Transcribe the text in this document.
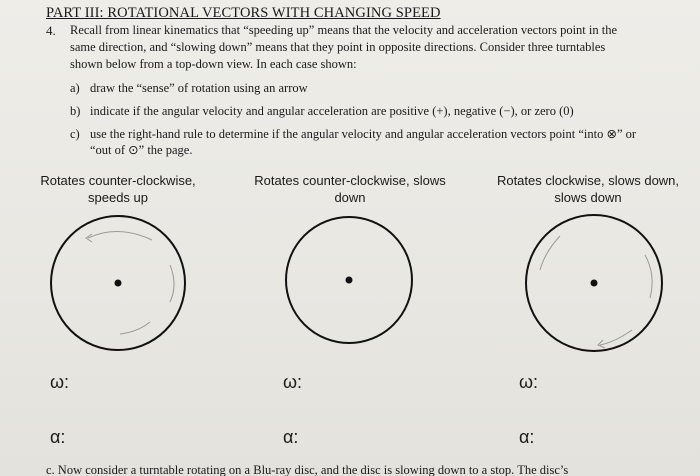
PART III: ROTATIONAL VECTORS WITH CHANGING SPEED
4. Recall from linear kinematics that “speeding up” means that the velocity and acceleration vectors point in the same direction, and “slowing down” means that they point in opposite directions. Consider three turntables shown below from a top-down view. In each case shown:
a) draw the “sense” of rotation using an arrow
b) indicate if the angular velocity and angular acceleration are positive (+), negative (−), or zero (0)
c) use the right-hand rule to determine if the angular velocity and angular acceleration vectors point “into ⊗” or “out of ⊙” the page.
Rotates counter-clockwise, speeds up
Rotates counter-clockwise, slows down
Rotates clockwise, slows down, slows down
ω:	ω:	ω:
α:	α:	α:
c. Now consider a turntable rotating on a Blu-ray disc, and the disc is slowing down to a stop. The disc’s
